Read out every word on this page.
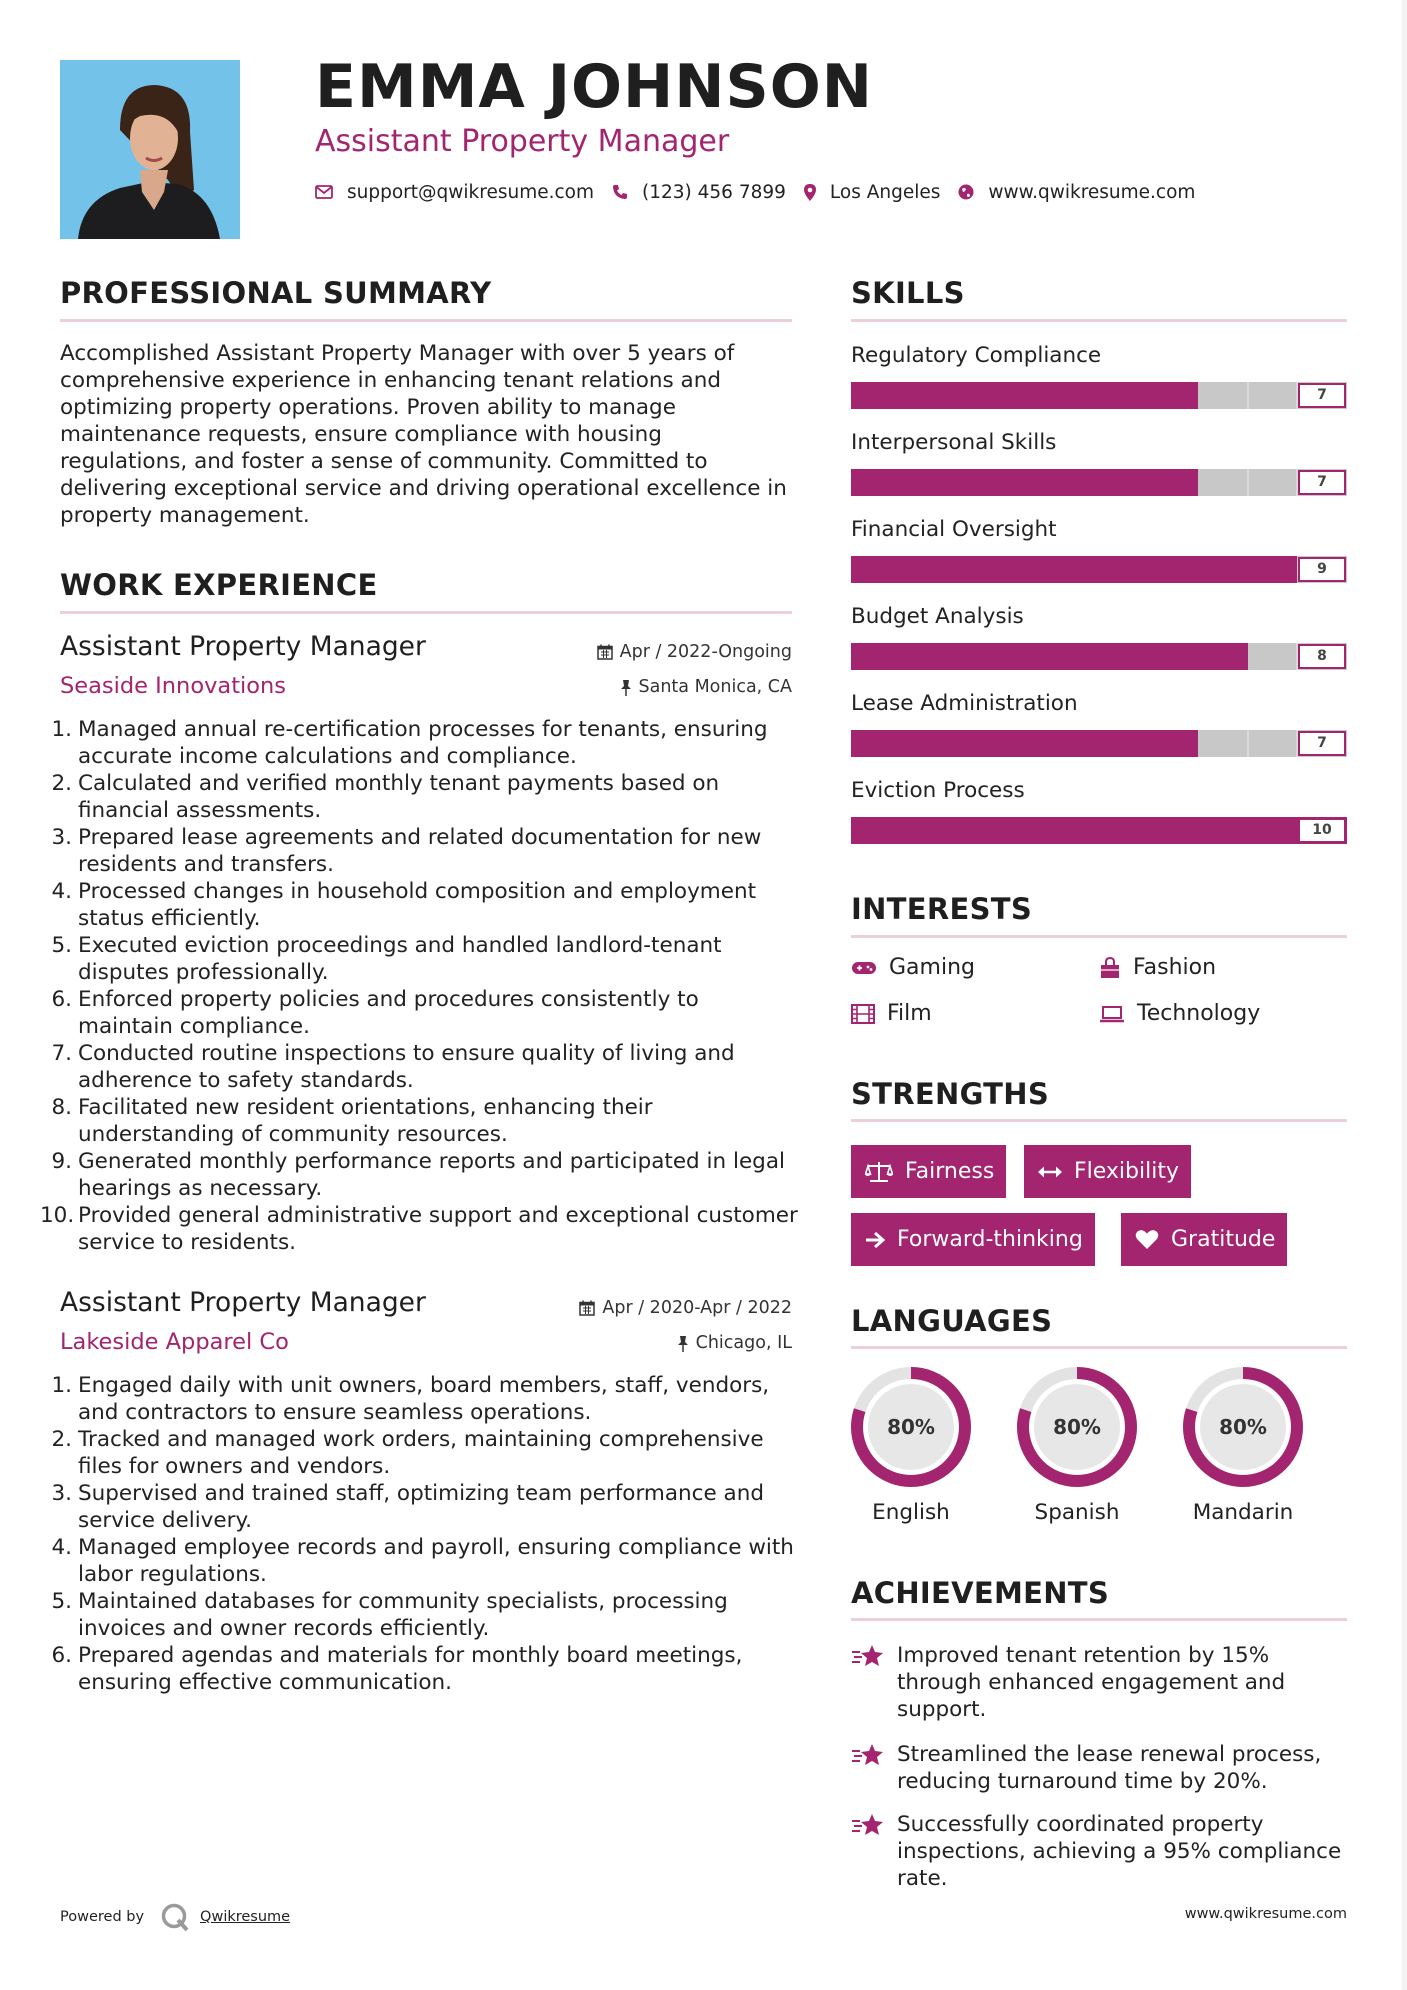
EMMA JOHNSON
Assistant Property Manager
support@qwikresume.com	(123) 456 7899 Los Angeles	www.qwikresume.com
PROFESSIONAL SUMMARY
Accomplished Assistant Property Manager with over 5 years of comprehensive experience in enhancing tenant relations and optimizing property operations. Proven ability to manage maintenance requests, ensure compliance with housing regulations, and foster a sense of community. Committed to delivering exceptional service and driving operational excellence in property management.
WORK EXPERIENCE
Assistant Property Manager	Apr / 2022-Ongoing
Seaside Innovations	Santa Monica, CA
1. Managed annual re-certification processes for tenants, ensuring accurate income calculations and compliance.
2. Calculated and verified monthly tenant payments based on financial assessments.
3. Prepared lease agreements and related documentation for new residents and transfers.
4. Processed changes in household composition and employment status efficiently.
5. Executed eviction proceedings and handled landlord-tenant disputes professionally.
6. Enforced property policies and procedures consistently to maintain compliance.
7. Conducted routine inspections to ensure quality of living and adherence to safety standards.
8. Facilitated new resident orientations, enhancing their understanding of community resources.
9. Generated monthly performance reports and participated in legal hearings as necessary.
10. Provided general administrative support and exceptional customer service to residents.
Assistant Property Manager	Apr / 2020-Apr / 2022
Lakeside Apparel Co	Chicago, IL
1. Engaged daily with unit owners, board members, staff, vendors, and contractors to ensure seamless operations.
2. Tracked and managed work orders, maintaining comprehensive files for owners and vendors.
3. Supervised and trained staff, optimizing team performance and service delivery.
4. Managed employee records and payroll, ensuring compliance with labor regulations.
5. Maintained databases for community specialists, processing invoices and owner records efficiently.
6. Prepared agendas and materials for monthly board meetings, ensuring effective communication.
SKILLS
Regulatory Compliance
7
Interpersonal Skills
7
Financial Oversight
9
Budget Analysis
8
Lease Administration
7
Eviction Process
10
INTERESTS
Gaming	Fashion
Film	Technology
STRENGTHS
Fairness	Flexibility
Forward-thinking	Gratitude
LANGUAGES
80%
English
80%
Spanish
80%
Mandarin
ACHIEVEMENTS
Improved tenant retention by 15% through enhanced engagement and support.
Streamlined the lease renewal process, reducing turnaround time by 20%.
Successfully coordinated property inspections, achieving a 95% compliance rate.
Powered by	Qwikresume	www.qwikresume.com
